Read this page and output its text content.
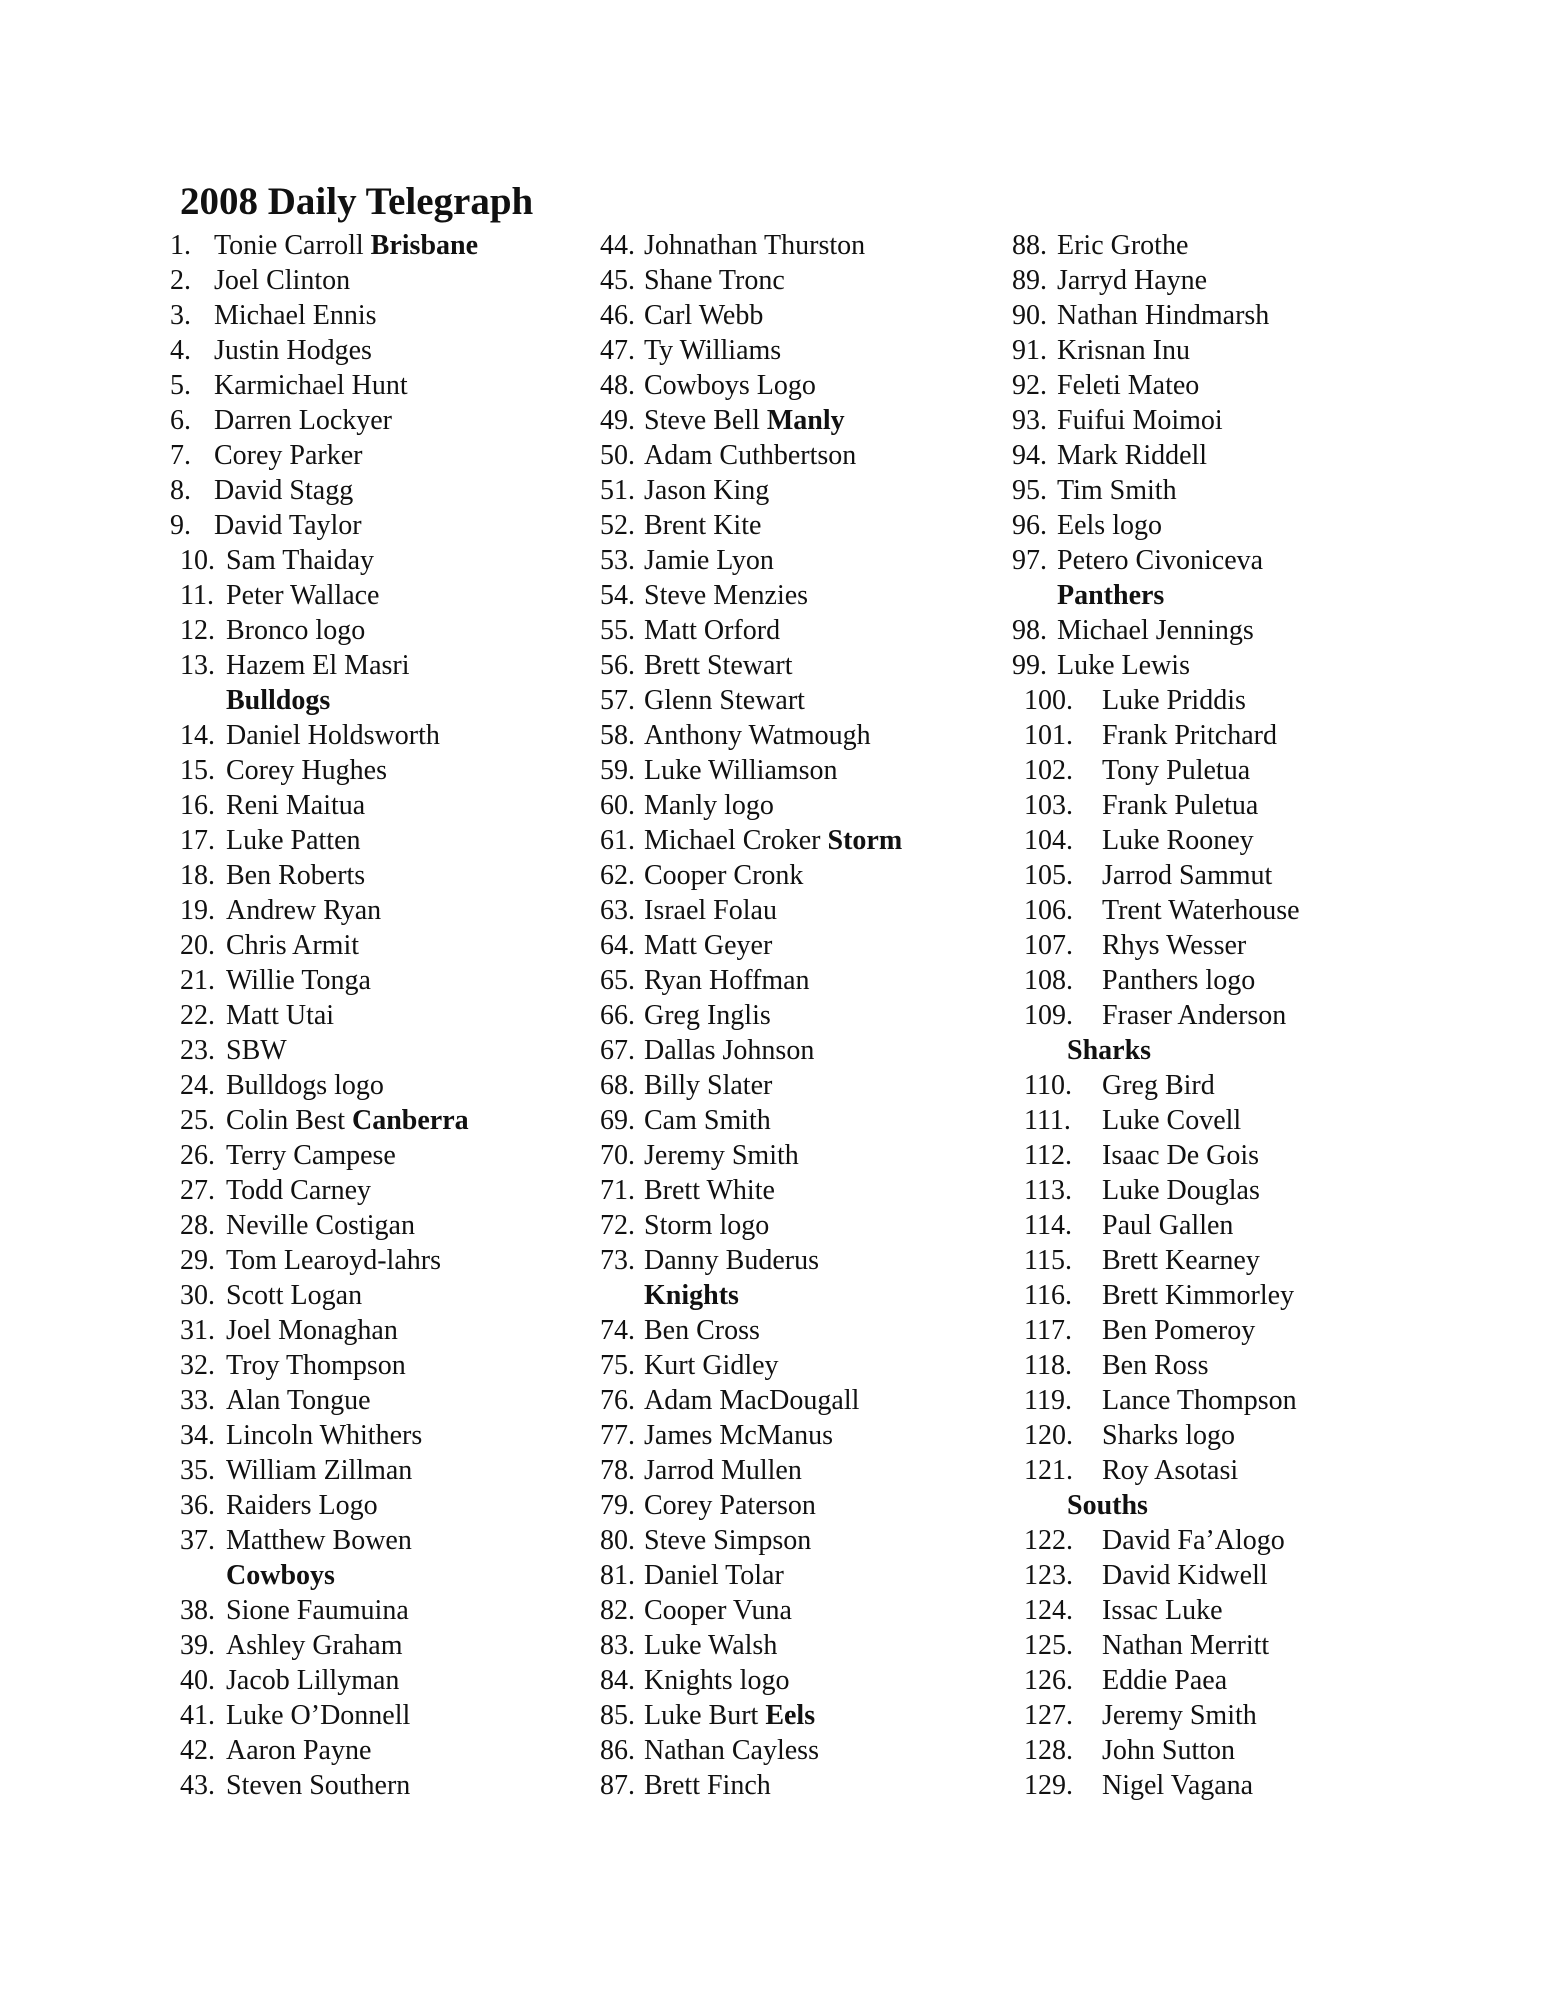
2008 Daily Telegraph
1. Tonie Carroll Brisbane
2. Joel Clinton
3. Michael Ennis
4. Justin Hodges
5. Karmichael Hunt
6. Darren Lockyer
7. Corey Parker
8. David Stagg
9. David Taylor
10. Sam Thaiday
11. Peter Wallace
12. Bronco logo
13. Hazem El Masri
Bulldogs
14. Daniel Holdsworth
15. Corey Hughes
16. Reni Maitua
17. Luke Patten
18. Ben Roberts
19. Andrew Ryan
20. Chris Armit
21. Willie Tonga
22. Matt Utai
23. SBW
24. Bulldogs logo
25. Colin Best Canberra
26. Terry Campese
27. Todd Carney
28. Neville Costigan
29. Tom Learoyd-lahrs
30. Scott Logan
31. Joel Monaghan
32. Troy Thompson
33. Alan Tongue
34. Lincoln Whithers
35. William Zillman
36. Raiders Logo
37. Matthew Bowen
Cowboys
38. Sione Faumuina
39. Ashley Graham
40. Jacob Lillyman
41. Luke O’Donnell
42. Aaron Payne
43. Steven Southern
44. Johnathan Thurston
45. Shane Tronc
46. Carl Webb
47. Ty Williams
48. Cowboys Logo
49. Steve Bell Manly
50. Adam Cuthbertson
51. Jason King
52. Brent Kite
53. Jamie Lyon
54. Steve Menzies
55. Matt Orford
56. Brett Stewart
57. Glenn Stewart
58. Anthony Watmough
59. Luke Williamson
60. Manly logo
61. Michael Croker Storm
62. Cooper Cronk
63. Israel Folau
64. Matt Geyer
65. Ryan Hoffman
66. Greg Inglis
67. Dallas Johnson
68. Billy Slater
69. Cam Smith
70. Jeremy Smith
71. Brett White
72. Storm logo
73. Danny Buderus
Knights
74. Ben Cross
75. Kurt Gidley
76. Adam MacDougall
77. James McManus
78. Jarrod Mullen
79. Corey Paterson
80. Steve Simpson
81. Daniel Tolar
82. Cooper Vuna
83. Luke Walsh
84. Knights logo
85. Luke Burt Eels
86. Nathan Cayless
87. Brett Finch
88. Eric Grothe
89. Jarryd Hayne
90. Nathan Hindmarsh
91. Krisnan Inu
92. Feleti Mateo
93. Fuifui Moimoi
94. Mark Riddell
95. Tim Smith
96. Eels logo
97. Petero Civoniceva
Panthers
98. Michael Jennings
99. Luke Lewis
100. Luke Priddis
101. Frank Pritchard
102. Tony Puletua
103. Frank Puletua
104. Luke Rooney
105. Jarrod Sammut
106. Trent Waterhouse
107. Rhys Wesser
108. Panthers logo
109. Fraser Anderson
Sharks
110. Greg Bird
111. Luke Covell
112. Isaac De Gois
113. Luke Douglas
114. Paul Gallen
115. Brett Kearney
116. Brett Kimmorley
117. Ben Pomeroy
118. Ben Ross
119. Lance Thompson
120. Sharks logo
121. Roy Asotasi
Souths
122. David Fa’Alogo
123. David Kidwell
124. Issac Luke
125. Nathan Merritt
126. Eddie Paea
127. Jeremy Smith
128. John Sutton
129. Nigel Vagana
